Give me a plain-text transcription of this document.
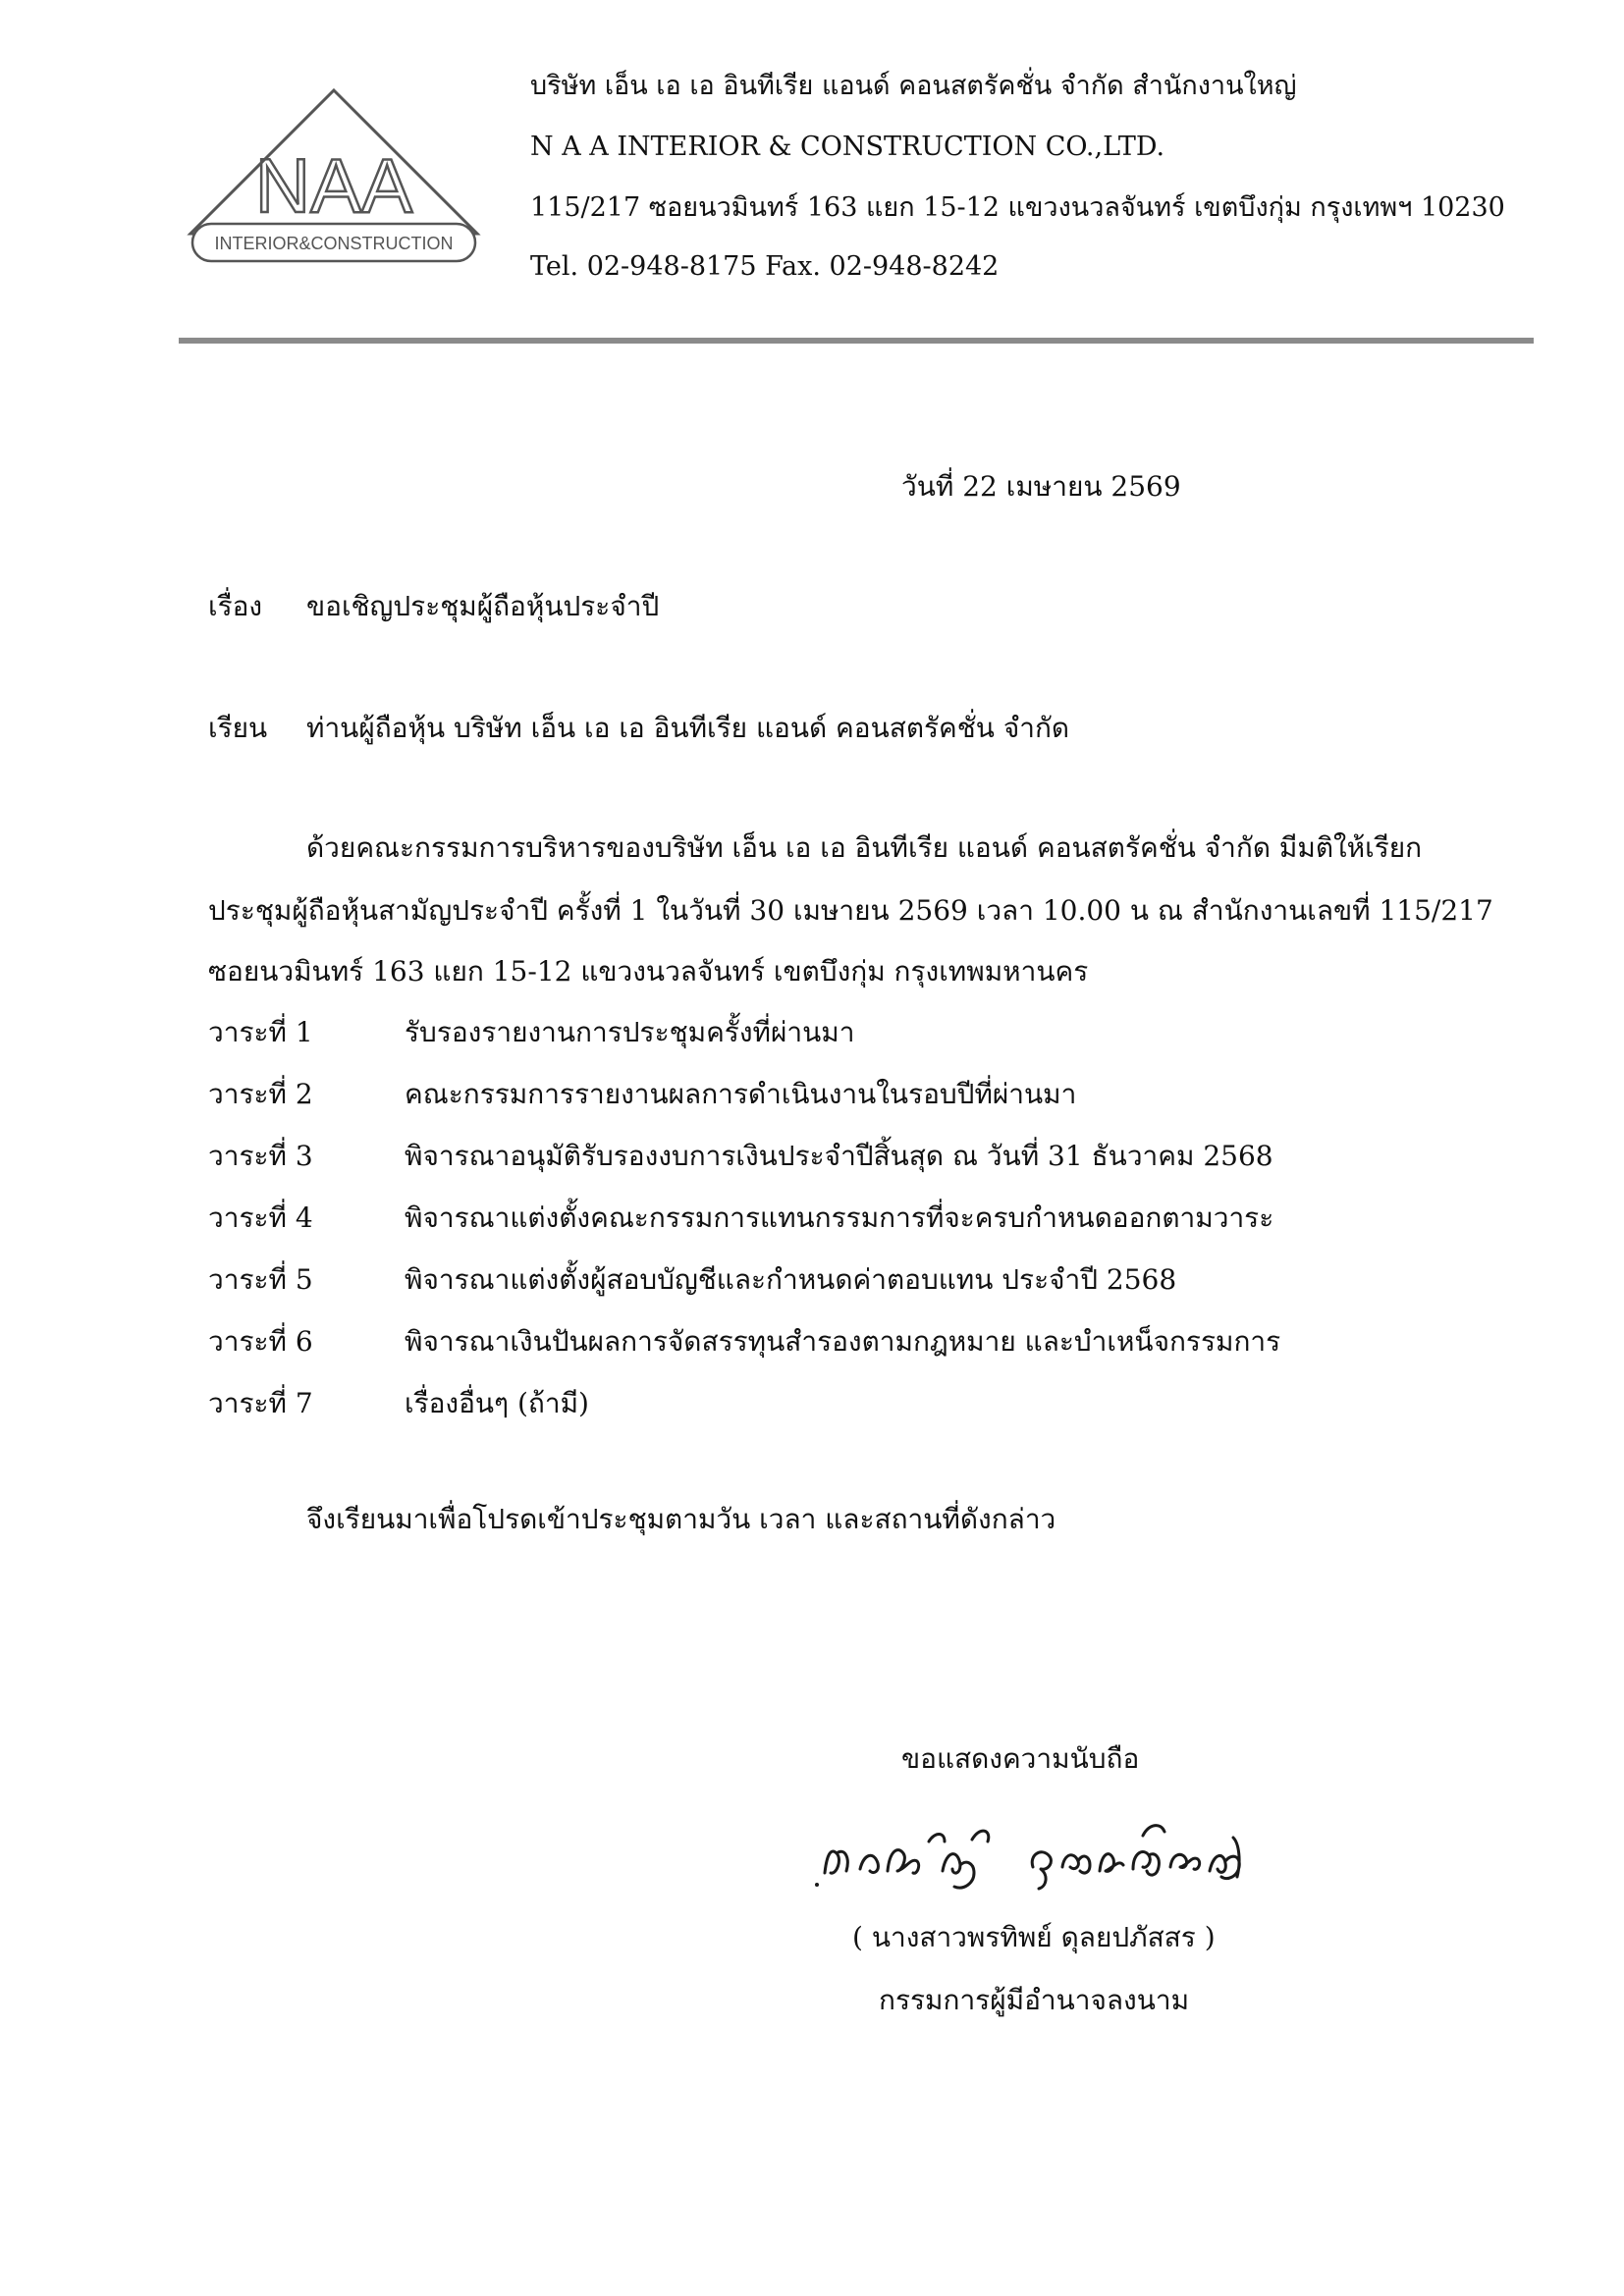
NAA
INTERIOR&CONSTRUCTION
บริษัท เอ็น เอ เอ อินทีเรีย แอนด์ คอนสตรัคชั่น จำกัด สำนักงานใหญ่
N A A INTERIOR & CONSTRUCTION CO.,LTD.
115/217 ซอยนวมินทร์ 163 แยก 15-12 แขวงนวลจันทร์ เขตบึงกุ่ม กรุงเทพฯ 10230
Tel. 02-948-8175 Fax. 02-948-8242
วันที่ 22 เมษายน 2569
เรื่อง ขอเชิญประชุมผู้ถือหุ้นประจำปี
เรียน ท่านผู้ถือหุ้น บริษัท เอ็น เอ เอ อินทีเรีย แอนด์ คอนสตรัคชั่น จำกัด
ด้วยคณะกรรมการบริหารของบริษัท เอ็น เอ เอ อินทีเรีย แอนด์ คอนสตรัคชั่น จำกัด มีมติให้เรียก
ประชุมผู้ถือหุ้นสามัญประจำปี ครั้งที่ 1 ในวันที่ 30 เมษายน 2569 เวลา 10.00 น ณ สำนักงานเลขที่ 115/217
ซอยนวมินทร์ 163 แยก 15-12 แขวงนวลจันทร์ เขตบึงกุ่ม กรุงเทพมหานคร
วาระที่ 1	รับรองรายงานการประชุมครั้งที่ผ่านมา
วาระที่ 2	คณะกรรมการรายงานผลการดำเนินงานในรอบปีที่ผ่านมา
วาระที่ 3	พิจารณาอนุมัติรับรองงบการเงินประจำปีสิ้นสุด ณ วันที่ 31 ธันวาคม 2568
วาระที่ 4	พิจารณาแต่งตั้งคณะกรรมการแทนกรรมการที่จะครบกำหนดออกตามวาระ
วาระที่ 5	พิจารณาแต่งตั้งผู้สอบบัญชีและกำหนดค่าตอบแทน ประจำปี 2568
วาระที่ 6	พิจารณาเงินปันผลการจัดสรรทุนสำรองตามกฎหมาย และบำเหน็จกรรมการ
วาระที่ 7	เรื่องอื่นๆ (ถ้ามี)
จึงเรียนมาเพื่อโปรดเข้าประชุมตามวัน เวลา และสถานที่ดังกล่าว
ขอแสดงความนับถือ
( นางสาวพรทิพย์ ดุลยปภัสสร )
กรรมการผู้มีอำนาจลงนาม
